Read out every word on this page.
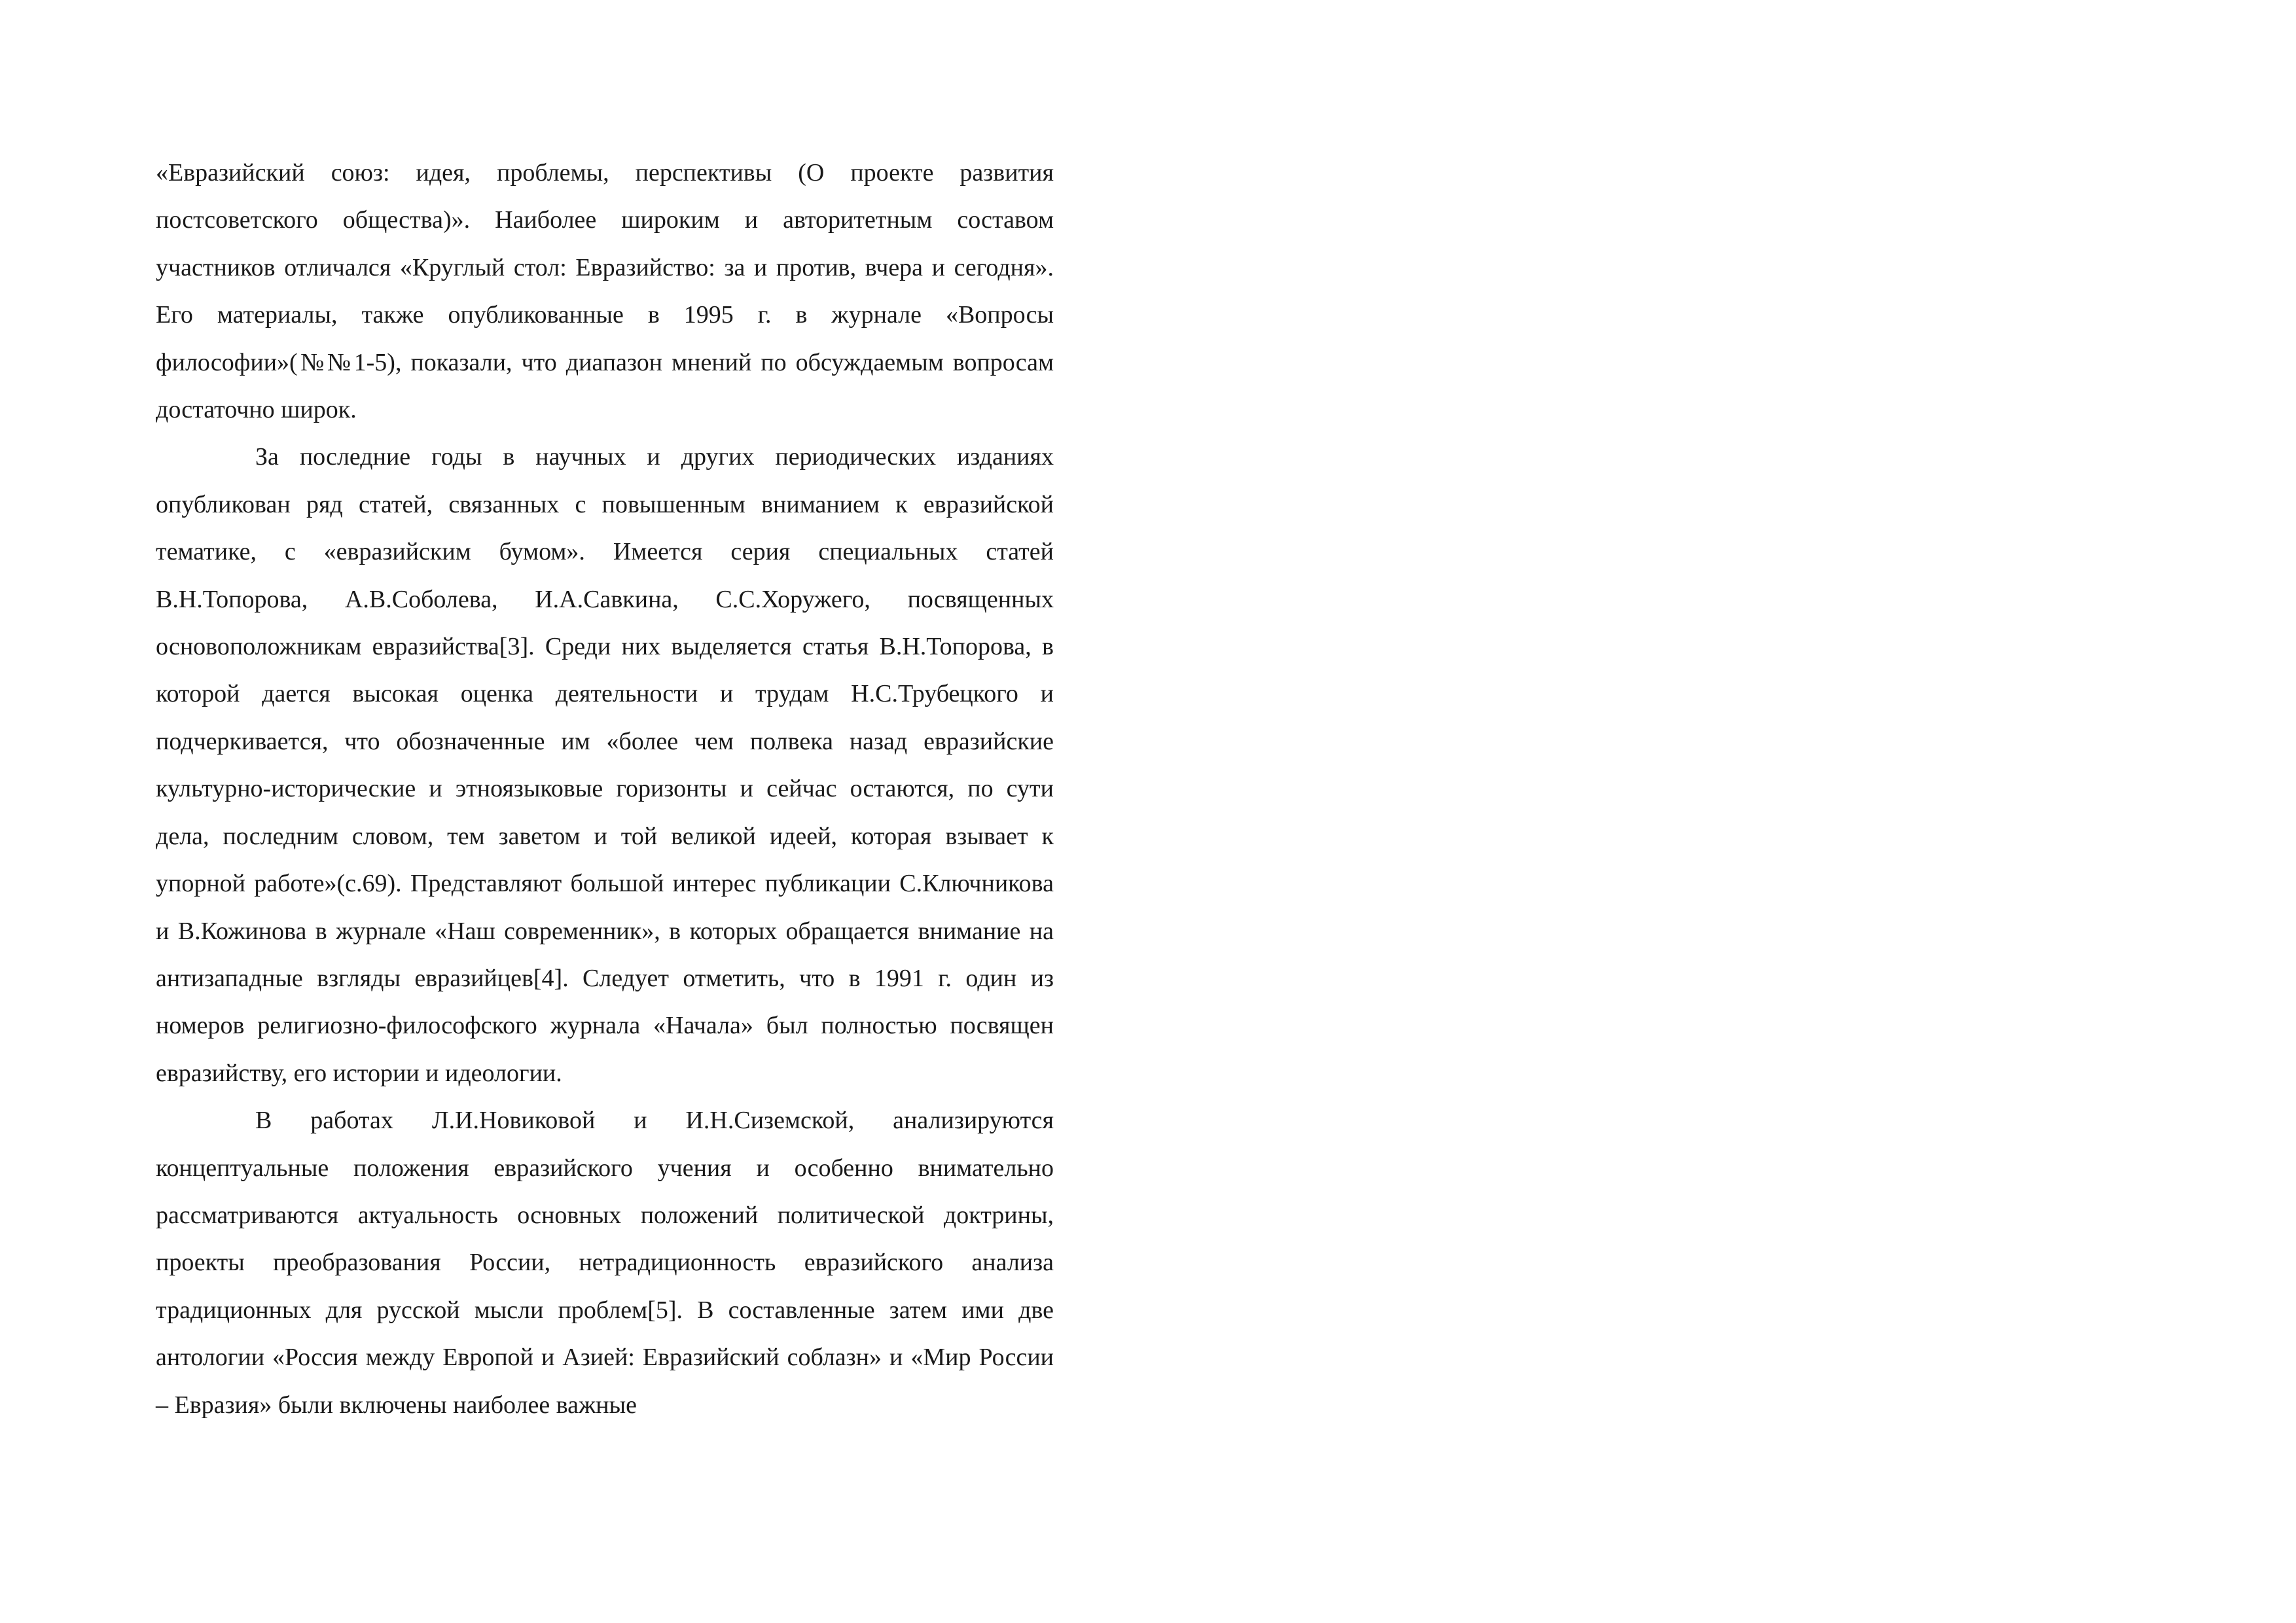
«Евразийский союз: идея, проблемы, перспективы (О проекте развития постсоветского общества)». Наиболее широким и авторитетным составом участников отличался «Круглый стол: Евразийство: за и против, вчера и сегодня». Его материалы, также опубликованные в 1995 г. в журнале «Вопросы философии»(№№1-5), показали, что диапазон мнений по обсуждаемым вопросам достаточно широк.

За последние годы в научных и других периодических изданиях опубликован ряд статей, связанных с повышенным вниманием к евразийской тематике, с «евразийским бумом». Имеется серия специальных статей В.Н.Топорова, А.В.Соболева, И.А.Савкина, С.С.Хоружего, посвященных основоположникам евразийства[3]. Среди них выделяется статья В.Н.Топорова, в которой дается высокая оценка деятельности и трудам Н.С.Трубецкого и подчеркивается, что обозначенные им «более чем полвека назад евразийские культурно-исторические и этноязыковые горизонты и сейчас остаются, по сути дела, последним словом, тем заветом и той великой идеей, которая взывает к упорной работе»(с.69). Представляют большой интерес публикации С.Ключникова и В.Кожинова в журнале «Наш современник», в которых обращается внимание на антизападные взгляды евразийцев[4]. Следует отметить, что в 1991 г. один из номеров религиозно-философского журнала «Начала» был полностью посвящен евразийству, его истории и идеологии.

В работах Л.И.Новиковой и И.Н.Сиземской, анализируются концептуальные положения евразийского учения и особенно внимательно рассматриваются актуальность основных положений политической доктрины, проекты преобразования России, нетрадиционность евразийского анализа традиционных для русской мысли проблем[5]. В составленные затем ими две антологии «Россия между Европой и Азией: Евразийский соблазн» и «Мир России – Евразия» были включены наиболее важные
